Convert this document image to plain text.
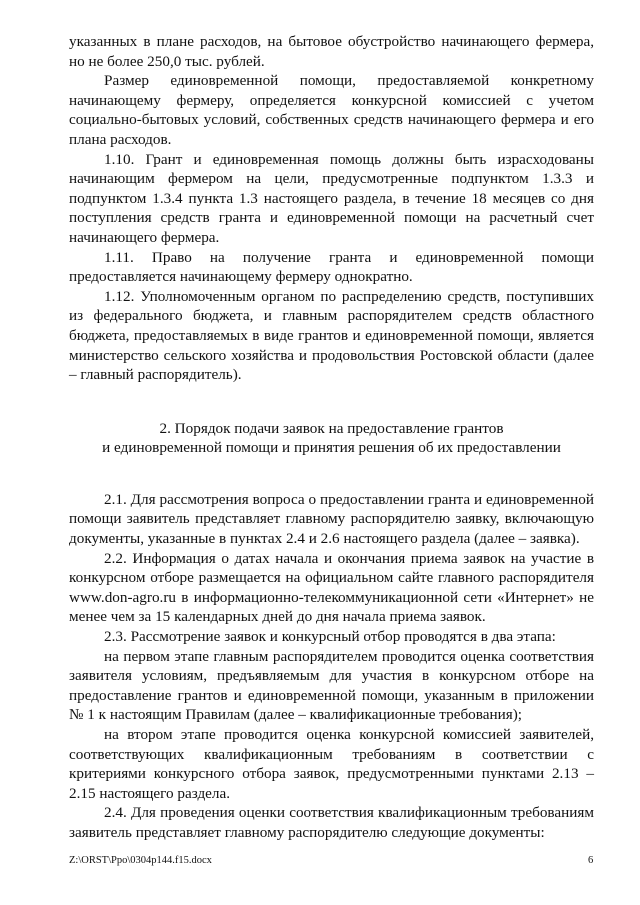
указанных в плане расходов, на бытовое обустройство начинающего фермера, но не более 250,0 тыс. рублей.

Размер единовременной помощи, предоставляемой конкретному начинающему фермеру, определяется конкурсной комиссией с учетом социально-бытовых условий, собственных средств начинающего фермера и его плана расходов.

1.10. Грант и единовременная помощь должны быть израсходованы начинающим фермером на цели, предусмотренные подпунктом 1.3.3 и подпунктом 1.3.4 пункта 1.3 настоящего раздела, в течение 18 месяцев со дня поступления средств гранта и единовременной помощи на расчетный счет начинающего фермера.

1.11. Право на получение гранта и единовременной помощи предоставляется начинающему фермеру однократно.

1.12. Уполномоченным органом по распределению средств, поступивших из федерального бюджета, и главным распорядителем средств областного бюджета, предоставляемых в виде грантов и единовременной помощи, является министерство сельского хозяйства и продовольствия Ростовской области (далее – главный распорядитель).

2. Порядок подачи заявок на предоставление грантов
и единовременной помощи и принятия решения об их предоставлении

2.1. Для рассмотрения вопроса о предоставлении гранта и единовременной помощи заявитель представляет главному распорядителю заявку, включающую документы, указанные в пунктах 2.4 и 2.6 настоящего раздела (далее – заявка).

2.2. Информация о датах начала и окончания приема заявок на участие в конкурсном отборе размещается на официальном сайте главного распорядителя www.don-agro.ru в информационно-телекоммуникационной сети «Интернет» не менее чем за 15 календарных дней до дня начала приема заявок.

2.3. Рассмотрение заявок и конкурсный отбор проводятся в два этапа:

на первом этапе главным распорядителем проводится оценка соответствия заявителя условиям, предъявляемым для участия в конкурсном отборе на предоставление грантов и единовременной помощи, указанным в приложении № 1 к настоящим Правилам (далее – квалификационные требования);

на втором этапе проводится оценка конкурсной комиссией заявителей, соответствующих квалификационным требованиям в соответствии с критериями конкурсного отбора заявок, предусмотренными пунктами 2.13 – 2.15 настоящего раздела.

2.4. Для проведения оценки соответствия квалификационным требованиям заявитель представляет главному распорядителю следующие документы:

Z:\ORST\Ppo\0304p144.f15.docx	6
